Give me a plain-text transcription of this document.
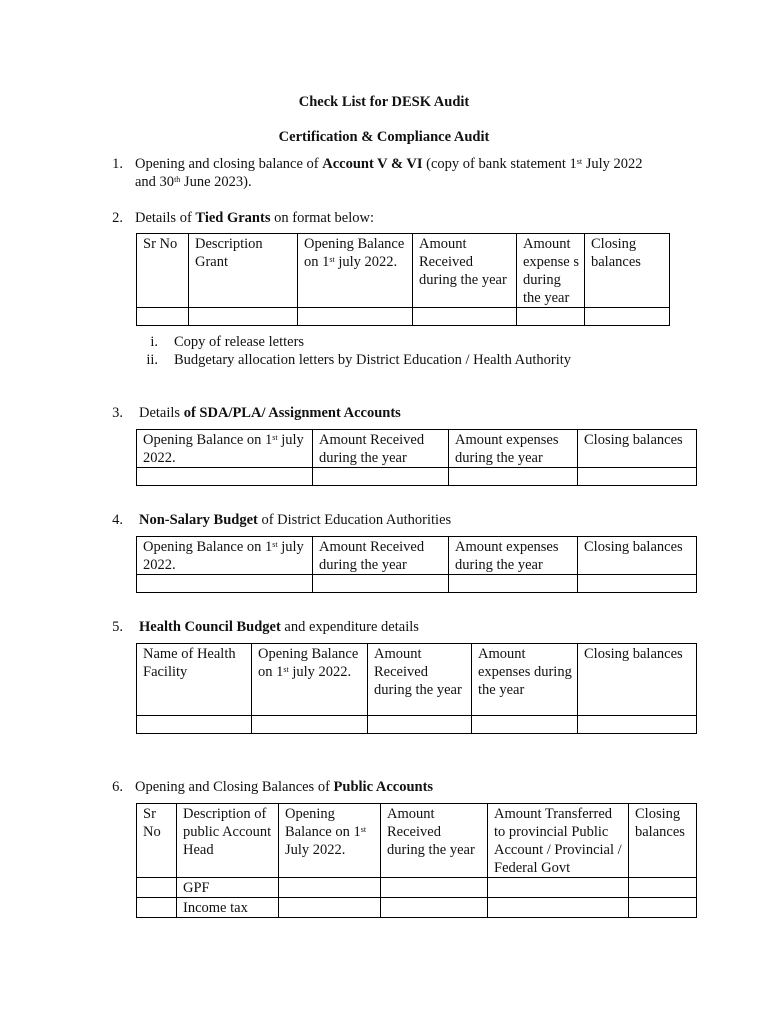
Check List for DESK Audit
Certification & Compliance Audit
1. Opening and closing balance of Account V & VI (copy of bank statement 1st July 2022
and 30th June 2023).
2. Details of Tied Grants on format below:
Sr No	Description Grant	Opening Balance on 1st july 2022.	Amount Received during the year	Amount expense s during the year	Closing balances

i. Copy of release letters
ii. Budgetary allocation letters by District Education / Health Authority
3. Details of SDA/PLA/ Assignment Accounts
Opening Balance on 1st july 2022.	Amount Received during the year	Amount expenses during the year	Closing balances

4. Non-Salary Budget of District Education Authorities
Opening Balance on 1st july 2022.	Amount Received during the year	Amount expenses during the year	Closing balances

5. Health Council Budget and expenditure details
Name of Health Facility	Opening Balance on 1st july 2022.	Amount Received during the year	Amount expenses during the year	Closing balances

6. Opening and Closing Balances of Public Accounts
Sr No	Description of public Account Head	Opening Balance on 1st July 2022.	Amount Received during the year	Amount Transferred to provincial Public Account / Provincial / Federal Govt	Closing balances
	GPF				
	Income tax				
